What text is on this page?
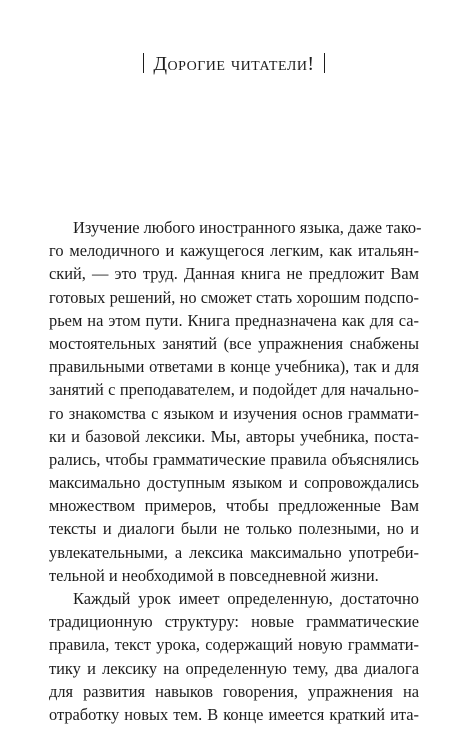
Дорогие читатели!
Изучение любого иностранного языка, даже тако-
го мелодичного и кажущегося легким, как итальян-
ский, — это труд. Данная книга не предложит Вам
готовых решений, но сможет стать хорошим подспо-
рьем на этом пути. Книга предназначена как для са-
мостоятельных занятий (все упражнения снабжены
правильными ответами в конце учебника), так и для
занятий с преподавателем, и подойдет для начально-
го знакомства с языком и изучения основ граммати-
ки и базовой лексики. Мы, авторы учебника, поста-
рались, чтобы грамматические правила объяснялись
максимально доступным языком и сопровождались
множеством примеров, чтобы предложенные Вам
тексты и диалоги были не только полезными, но и
увлекательными, а лексика максимально употреби-
тельной и необходимой в повседневной жизни.
Каждый урок имеет определенную, достаточно
традиционную структуру: новые грамматические
правила, текст урока, содержащий новую граммати-
тику и лексику на определенную тему, два диалога
для развития навыков говорения, упражнения на
отработку новых тем. В конце имеется краткий ита-
